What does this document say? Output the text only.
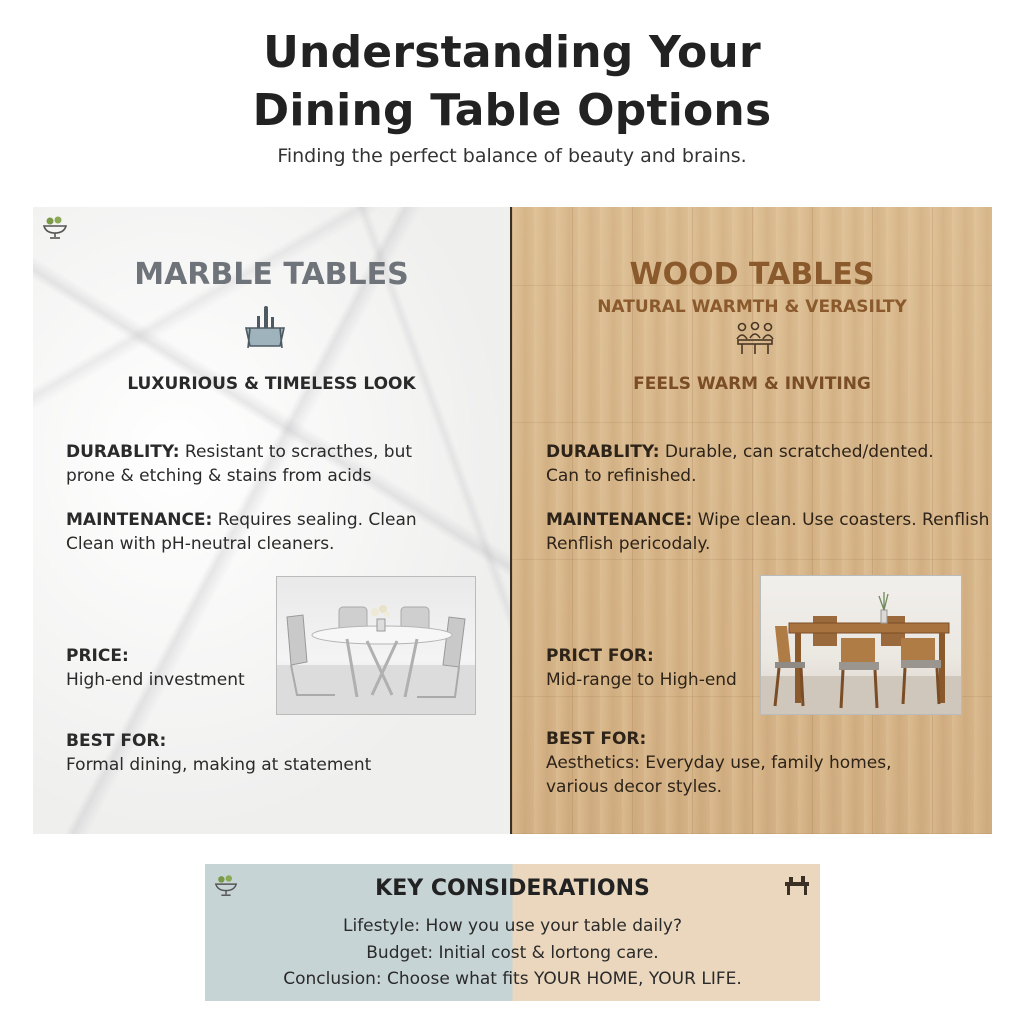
Understanding Your
Dining Table Options
Finding the perfect balance of beauty and brains.
MARBLE TABLES
LUXURIOUS & TIMELESS LOOK
DURABLITY: Resistant to scracthes, but
prone & etching & stains from acids
MAINTENANCE: Requires sealing. Clean
Clean with pH-neutral cleaners.
PRICE:
High-end investment
BEST FOR:
Formal dining, making at statement
WOOD TABLES
NATURAL WARMTH & VERASILTY
FEELS WARM & INVITING
DURABLITY: Durable, can scratched/dented.
Can to refinished.
MAINTENANCE: Wipe clean. Use coasters. Renflish
Renflish pericodaly.
PRICT FOR:
Mid-range to High-end
BEST FOR:
Aesthetics: Everyday use, family homes,
various decor styles.
KEY CONSIDERATIONS
Lifestyle: How you use your table daily?
Budget: Initial cost & lortong care.
Conclusion: Choose what fits YOUR HOME, YOUR LIFE.
